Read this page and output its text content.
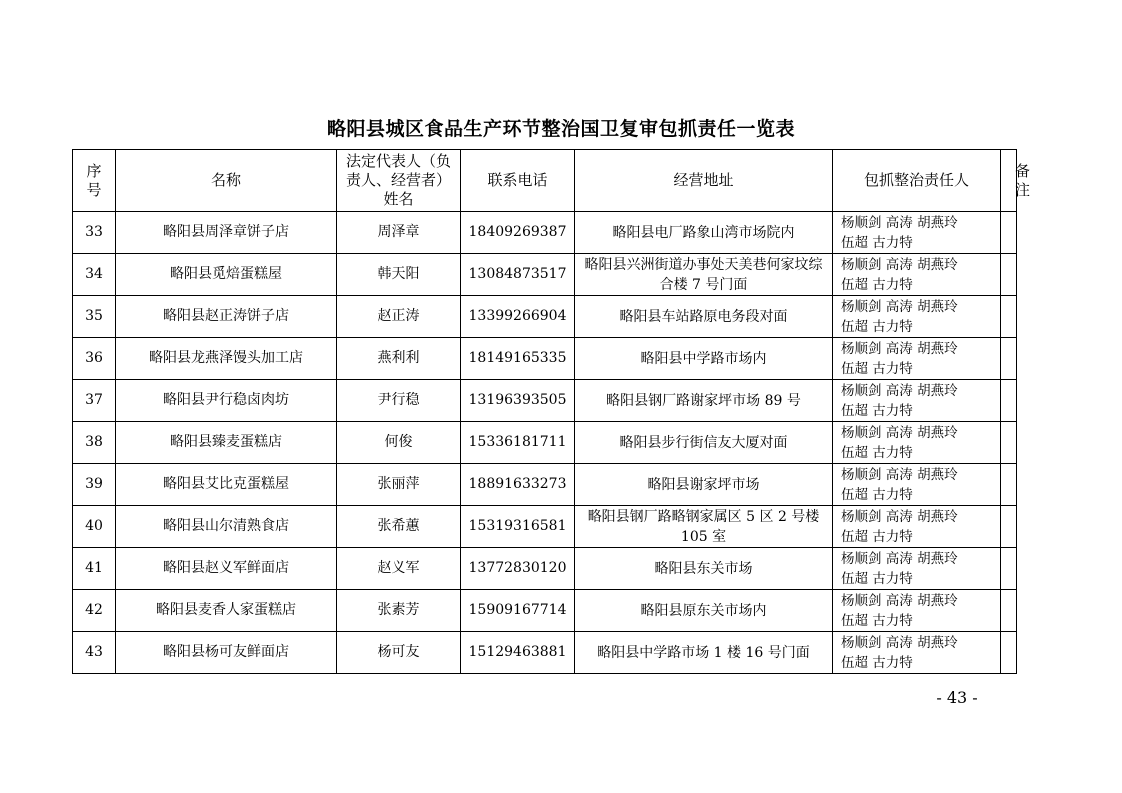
略阳县城区食品生产环节整治国卫复审包抓责任一览表
序号	名称	法定代表人（负责人、经营者）姓名	联系电话	经营地址	包抓整治责任人	备注
33	略阳县周泽章饼子店	周泽章	18409269387	略阳县电厂路象山湾市场院内	杨顺剑 高涛 胡燕玲
伍超 古力特	
34	略阳县觅焙蛋糕屋	韩天阳	13084873517	略阳县兴洲街道办事处天美巷何家坟综合楼 7 号门面	杨顺剑 高涛 胡燕玲
伍超 古力特	
35	略阳县赵正涛饼子店	赵正涛	13399266904	略阳县车站路原电务段对面	杨顺剑 高涛 胡燕玲
伍超 古力特	
36	略阳县龙燕泽馒头加工店	燕利利	18149165335	略阳县中学路市场内	杨顺剑 高涛 胡燕玲
伍超 古力特	
37	略阳县尹行稳卤肉坊	尹行稳	13196393505	略阳县钢厂路谢家坪市场 89 号	杨顺剑 高涛 胡燕玲
伍超 古力特	
38	略阳县臻麦蛋糕店	何俊	15336181711	略阳县步行街信友大厦对面	杨顺剑 高涛 胡燕玲
伍超 古力特	
39	略阳县艾比克蛋糕屋	张丽萍	18891633273	略阳县谢家坪市场	杨顺剑 高涛 胡燕玲
伍超 古力特	
40	略阳县山尔清熟食店	张希蕙	15319316581	略阳县钢厂路略钢家属区 5 区 2 号楼 105 室	杨顺剑 高涛 胡燕玲
伍超 古力特	
41	略阳县赵义军鲜面店	赵义军	13772830120	略阳县东关市场	杨顺剑 高涛 胡燕玲
伍超 古力特	
42	略阳县麦香人家蛋糕店	张素芳	15909167714	略阳县原东关市场内	杨顺剑 高涛 胡燕玲
伍超 古力特	
43	略阳县杨可友鲜面店	杨可友	15129463881	略阳县中学路市场 1 楼 16 号门面	杨顺剑 高涛 胡燕玲
伍超 古力特	
- 43 -
